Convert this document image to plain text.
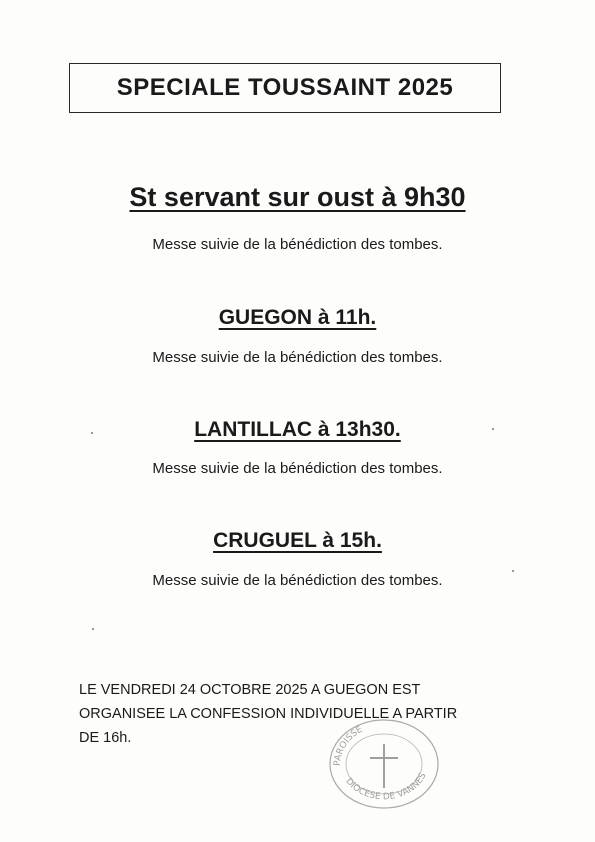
SPECIALE TOUSSAINT 2025
St servant sur oust à 9h30
Messe suivie de la bénédiction des tombes.
GUEGON à 11h.
Messe suivie de la bénédiction des tombes.
LANTILLAC à 13h30.
Messe suivie de la bénédiction des tombes.
CRUGUEL à 15h.
Messe suivie de la bénédiction des tombes.
LE VENDREDI 24 OCTOBRE 2025 A GUEGON EST
ORGANISEE LA CONFESSION INDIVIDUELLE A PARTIR
DE 16h.
PAROISSE
DIOCESE DE VANNES
